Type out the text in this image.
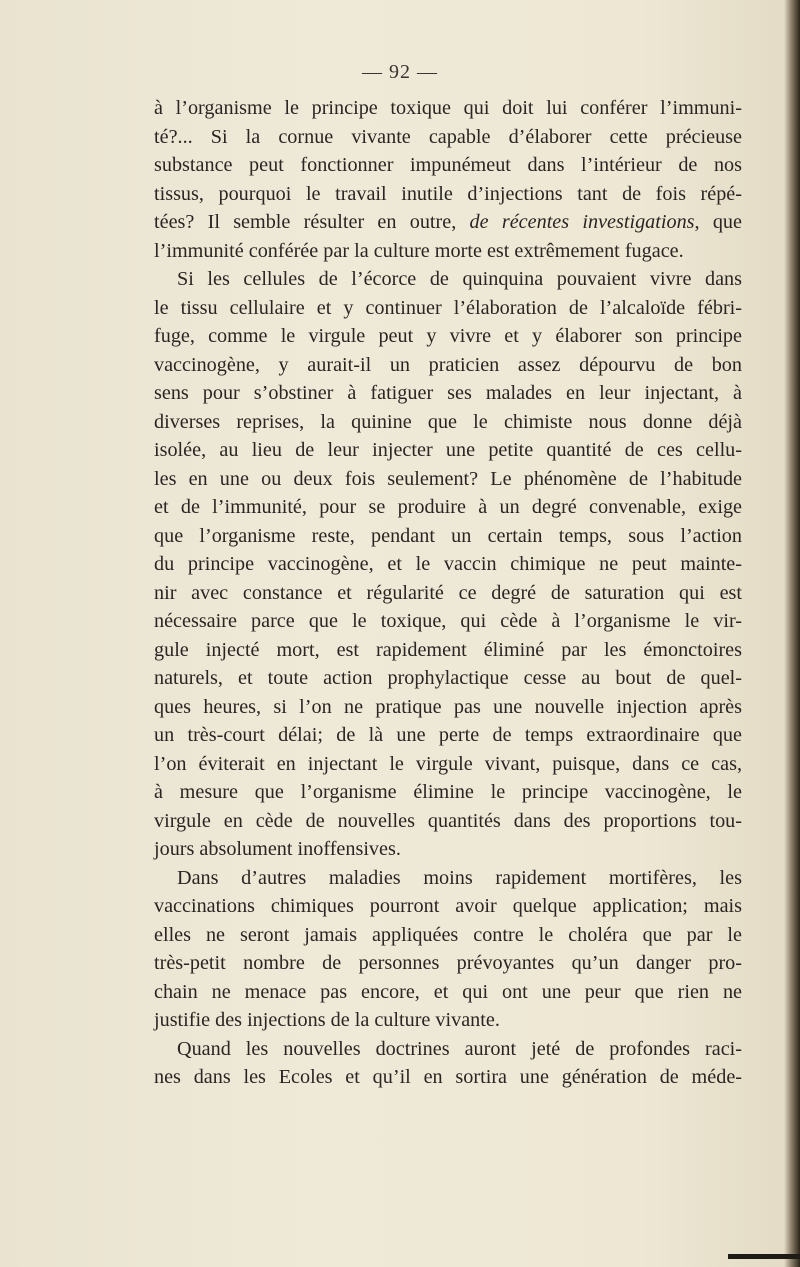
— 92 —
à l’organisme le principe toxique qui doit lui conférer l’immuni-
té?... Si la cornue vivante capable d’élaborer cette précieuse
substance peut fonctionner impunémeut dans l’intérieur de nos
tissus, pourquoi le travail inutile d’injections tant de fois répé-
tées? Il semble résulter en outre, de récentes investigations, que
l’immunité conférée par la culture morte est extrêmement fugace.
Si les cellules de l’écorce de quinquina pouvaient vivre dans
le tissu cellulaire et y continuer l’élaboration de l’alcaloïde fébri-
fuge, comme le virgule peut y vivre et y élaborer son principe
vaccinogène, y aurait-il un praticien assez dépourvu de bon
sens pour s’obstiner à fatiguer ses malades en leur injectant, à
diverses reprises, la quinine que le chimiste nous donne déjà
isolée, au lieu de leur injecter une petite quantité de ces cellu-
les en une ou deux fois seulement? Le phénomène de l’habitude
et de l’immunité, pour se produire à un degré convenable, exige
que l’organisme reste, pendant un certain temps, sous l’action
du principe vaccinogène, et le vaccin chimique ne peut mainte-
nir avec constance et régularité ce degré de saturation qui est
nécessaire parce que le toxique, qui cède à l’organisme le vir-
gule injecté mort, est rapidement éliminé par les émonctoires
naturels, et toute action prophylactique cesse au bout de quel-
ques heures, si l’on ne pratique pas une nouvelle injection après
un très-court délai; de là une perte de temps extraordinaire que
l’on éviterait en injectant le virgule vivant, puisque, dans ce cas,
à mesure que l’organisme élimine le principe vaccinogène, le
virgule en cède de nouvelles quantités dans des proportions tou-
jours absolument inoffensives.
Dans d’autres maladies moins rapidement mortifères, les
vaccinations chimiques pourront avoir quelque application; mais
elles ne seront jamais appliquées contre le choléra que par le
très-petit nombre de personnes prévoyantes qu’un danger pro-
chain ne menace pas encore, et qui ont une peur que rien ne
justifie des injections de la culture vivante.
Quand les nouvelles doctrines auront jeté de profondes raci-
nes dans les Ecoles et qu’il en sortira une génération de méde-
